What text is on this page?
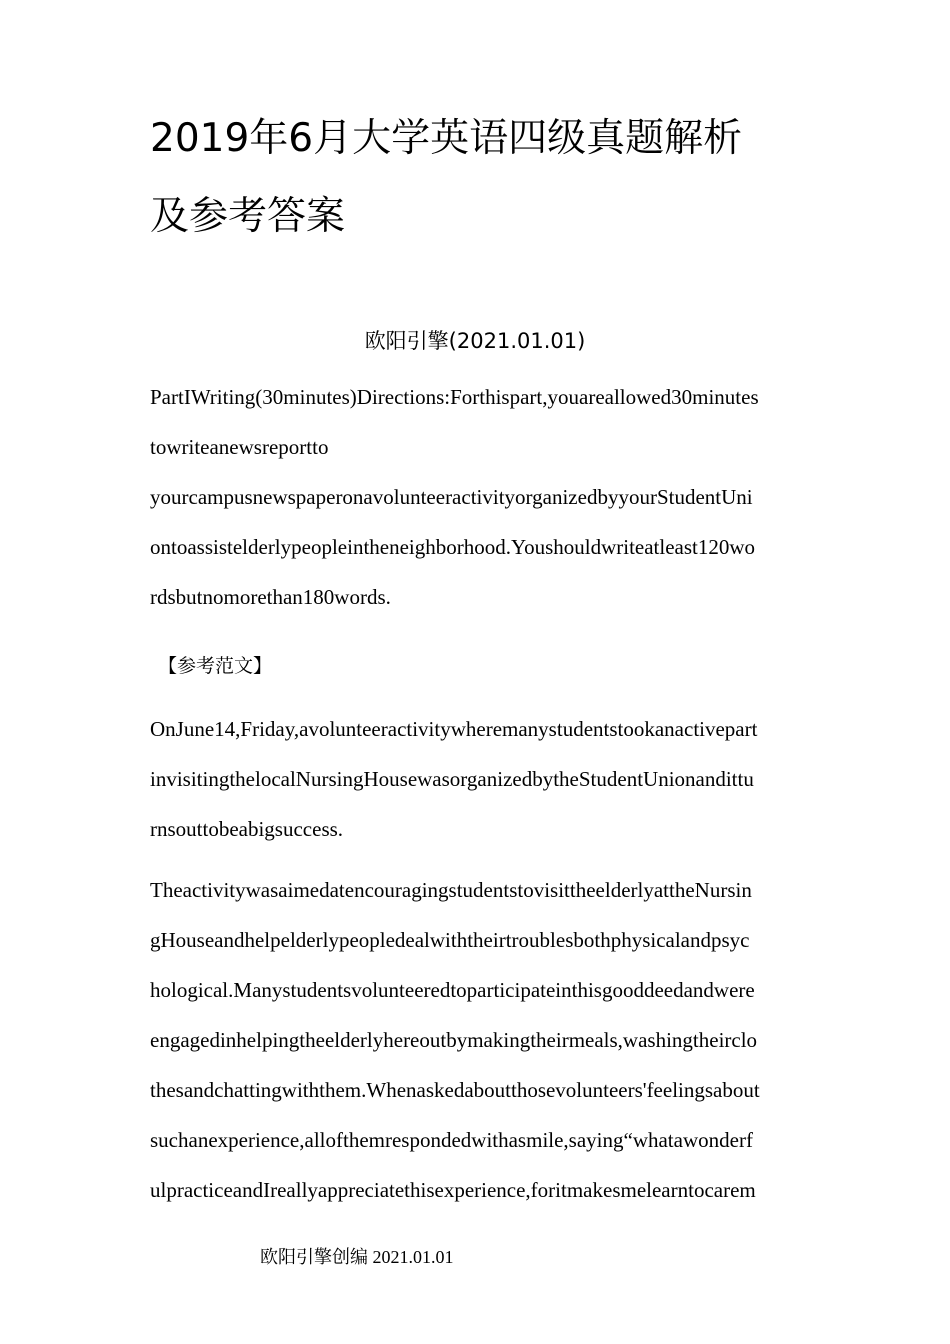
2019年6月大学英语四级真题解析
及参考答案
欧阳引擎(2021.01.01)
PartIWriting(30minutes)Directions:Forthispart,youareallowed30minutes
towriteanewsreportto
yourcampusnewspaperonavolunteeractivityorganizedbyyourStudentUni
ontoassistelderlypeopleintheneighborhood.Youshouldwriteatleast120wo
rdsbutnomorethan180words.
【参考范文】
OnJune14,Friday,avolunteeractivitywheremanystudentstookanactivepart
invisitingthelocalNursingHousewasorganizedbytheStudentUnionandittu
rnsouttobeabigsuccess.
TheactivitywasaimedatencouragingstudentstovisittheelderlyattheNursin
gHouseandhelpelderlypeopledealwiththeirtroublesbothphysicalandpsyc
hological.Manystudentsvolunteeredtoparticipateinthisgooddeedandwere
engagedinhelpingtheelderlyhereoutbymakingtheirmeals,washingtheirclo
thesandchattingwiththem.Whenaskedaboutthosevolunteers'feelingsabout
suchanexperience,allofthemrespondedwithasmile,saying“whatawonderf
ulpracticeandIreallyappreciatethisexperience,foritmakesmelearntocarem
欧阳引擎创编 2021.01.01
